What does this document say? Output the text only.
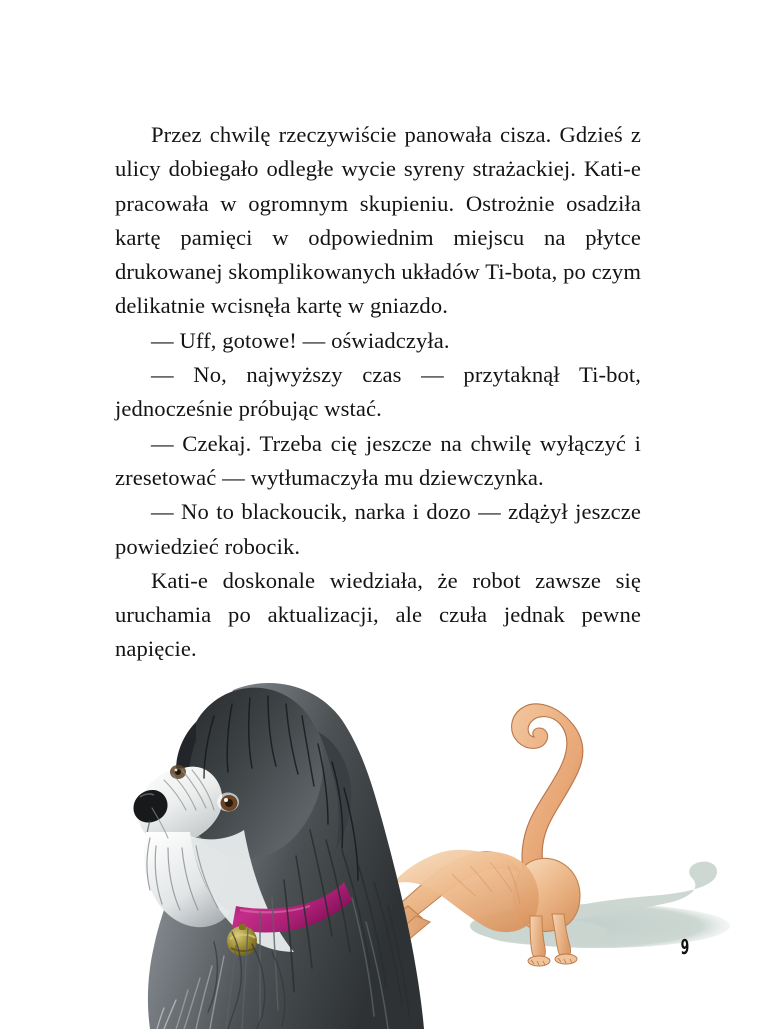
Przez chwilę rzeczywiście panowała cisza. Gdzieś z ulicy dobiegało odległe wycie syreny strażackiej. Kati-e pracowała w ogromnym skupieniu. Ostrożnie osadziła kartę pamięci w odpowiednim miejscu na płytce drukowanej skomplikowanych układów Ti-bota, po czym delikatnie wcisnęła kartę w gniazdo.

— Uff, gotowe! — oświadczyła.

— No, najwyższy czas — przytaknął Ti-bot, jednocześnie próbując wstać.

— Czekaj. Trzeba cię jeszcze na chwilę wyłączyć i zresetować — wytłumaczyła mu dziewczynka.

— No to blackoucik, narka i dozo — zdążył jeszcze powiedzieć robocik.

Kati-e doskonale wiedziała, że robot zawsze się uruchamia po aktualizacji, ale czuła jednak pewne napięcie.

9
